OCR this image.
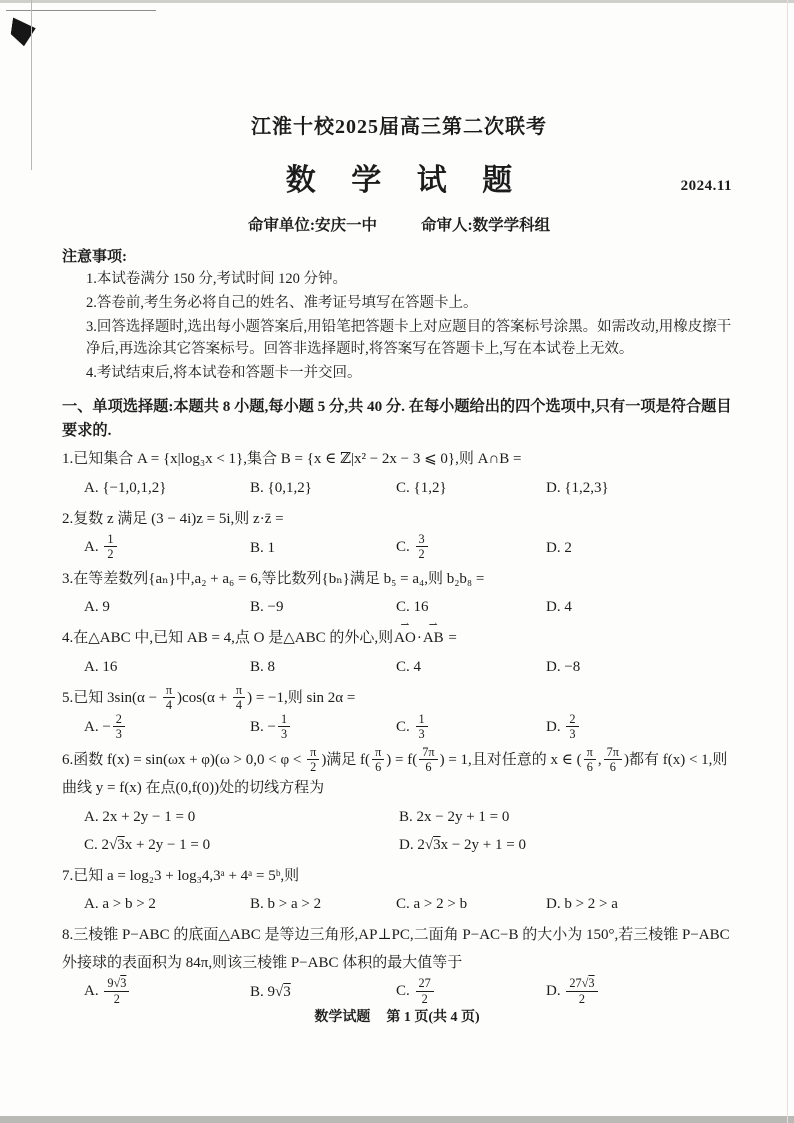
江淮十校2025届高三第二次联考
数 学 试 题	2024.11
命审单位:安庆一中	命审人:数学学科组
注意事项:
1.本试卷满分 150 分,考试时间 120 分钟。
2.答卷前,考生务必将自己的姓名、准考证号填写在答题卡上。
3.回答选择题时,选出每小题答案后,用铅笔把答题卡上对应题目的答案标号涂黑。如需改动,用橡皮擦干净后,再选涂其它答案标号。回答非选择题时,将答案写在答题卡上,写在本试卷上无效。
4.考试结束后,将本试卷和答题卡一并交回。
一、单项选择题:本题共 8 小题,每小题 5 分,共 40 分. 在每小题给出的四个选项中,只有一项是符合题目要求的.
1.已知集合 A = {x|log₃x < 1},集合 B = {x ∈ ℤ|x² − 2x − 3 ⩽ 0},则 A∩B =
A. {−1,0,1,2}	B. {0,1,2}	C. {1,2}	D. {1,2,3}
2.复数 z 满足 (3 − 4i)z = 5i,则 z·z̄ =
A. $\frac{1}{2}$	B. 1	C. $\frac{3}{2}$	D. 2
3.在等差数列{aₙ}中,a₂ + a₆ = 6,等比数列{bₙ}满足 b₅ = a₄,则 b₂b₈ =
A. 9	B. −9	C. 16	D. 4
4.在△ABC 中,已知 AB = 4,点 O 是△ABC 的外心,则AO ⇀·AB ⇀ =
A. 16	B. 8	C. 4	D. −8
5.已知 $3\sin(\alpha - \frac{\pi}{4} )\cos(\alpha + \frac{\pi}{4}$ ) = −1,则 sin 2α =
A. − $\frac{2}{3}$	B. − $\frac{1}{3}$	C. $\frac{1}{3}$	D. $\frac{2}{3}$
6.函数 $f(x) = \sin(\omega x + \varphi)(\omega > 0,0 < \varphi < \frac{\pi}{2}$ )满足 $f( \frac{\pi}{6}$ ) = $f( \frac{7\pi}{6}$ ) = 1,且对任意的 x ∈ ( $\frac{\pi}{6}$ , $\frac{7\pi}{6}$ )都有 f(x) < 1,则曲线 y = f(x) 在点(0,f(0))处的切线方程为
A. 2x + 2y − 1 = 0	B. 2x − 2y + 1 = 0
C. 2√3x + 2y − 1 = 0	D. 2√3x − 2y + 1 = 0
7.已知 a = log₂3 + log₃4,3ᵃ + 4ᵃ = 5ᵇ,则
A. a > b > 2	B. b > a > 2	C. a > 2 > b	D. b > 2 > a
8.三棱锥 P−ABC 的底面△ABC 是等边三角形,AP⊥PC,二面角 P−AC−B 的大小为 150°,若三棱锥 P−ABC外接球的表面积为 84π,则该三棱锥 P−ABC 体积的最大值等于
A. $\frac{9√3}{2}$	B. 9√3	C. $\frac{27}{2}$	D. $\frac{27√3}{2}$
数学试题 第 1 页(共 4 页)
